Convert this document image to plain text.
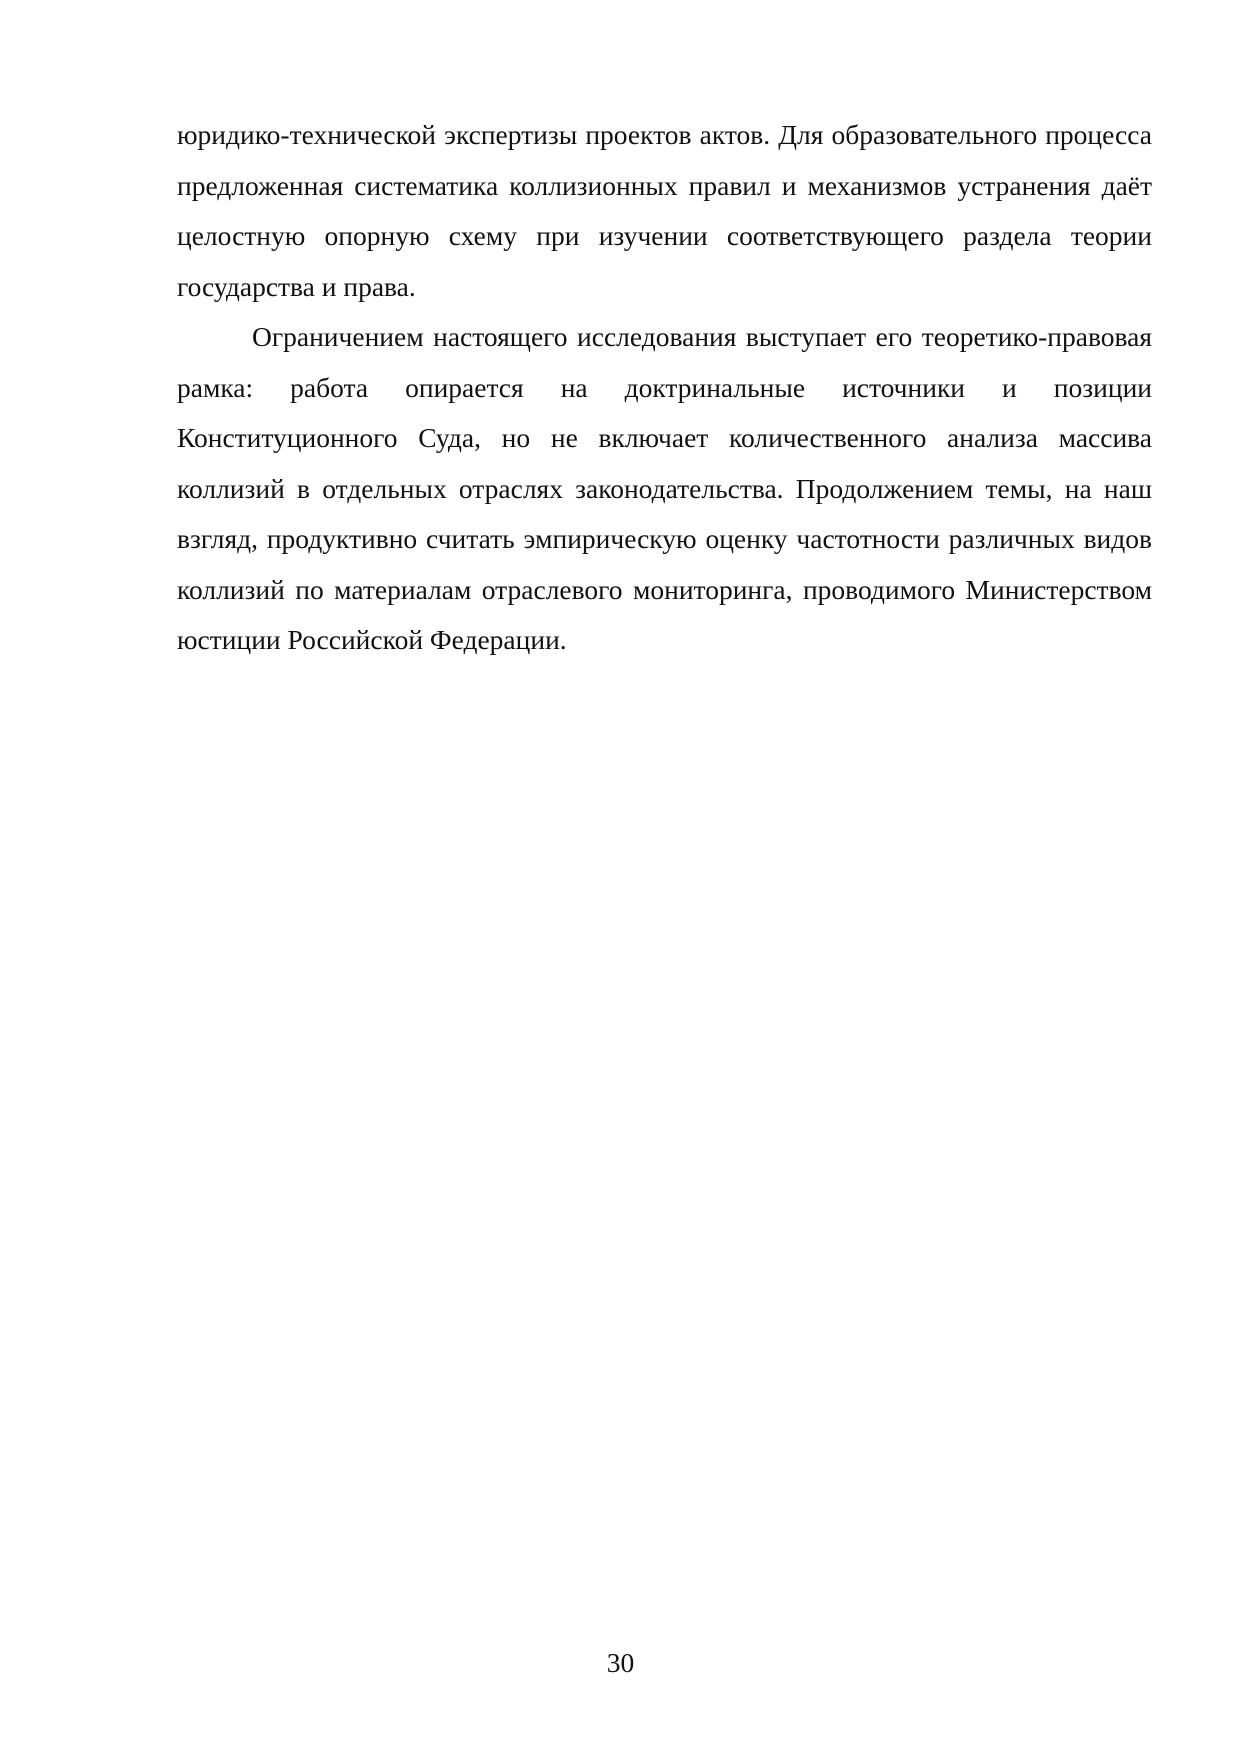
юридико-технической экспертизы проектов актов. Для образовательного процесса предложенная систематика коллизионных правил и механизмов устранения даёт целостную опорную схему при изучении соответствующего раздела теории государства и права.

Ограничением настоящего исследования выступает его теоретико-правовая рамка: работа опирается на доктринальные источники и позиции Конституционного Суда, но не включает количественного анализа массива коллизий в отдельных отраслях законодательства. Продолжением темы, на наш взгляд, продуктивно считать эмпирическую оценку частотности различных видов коллизий по материалам отраслевого мониторинга, проводимого Министерством юстиции Российской Федерации.

30
